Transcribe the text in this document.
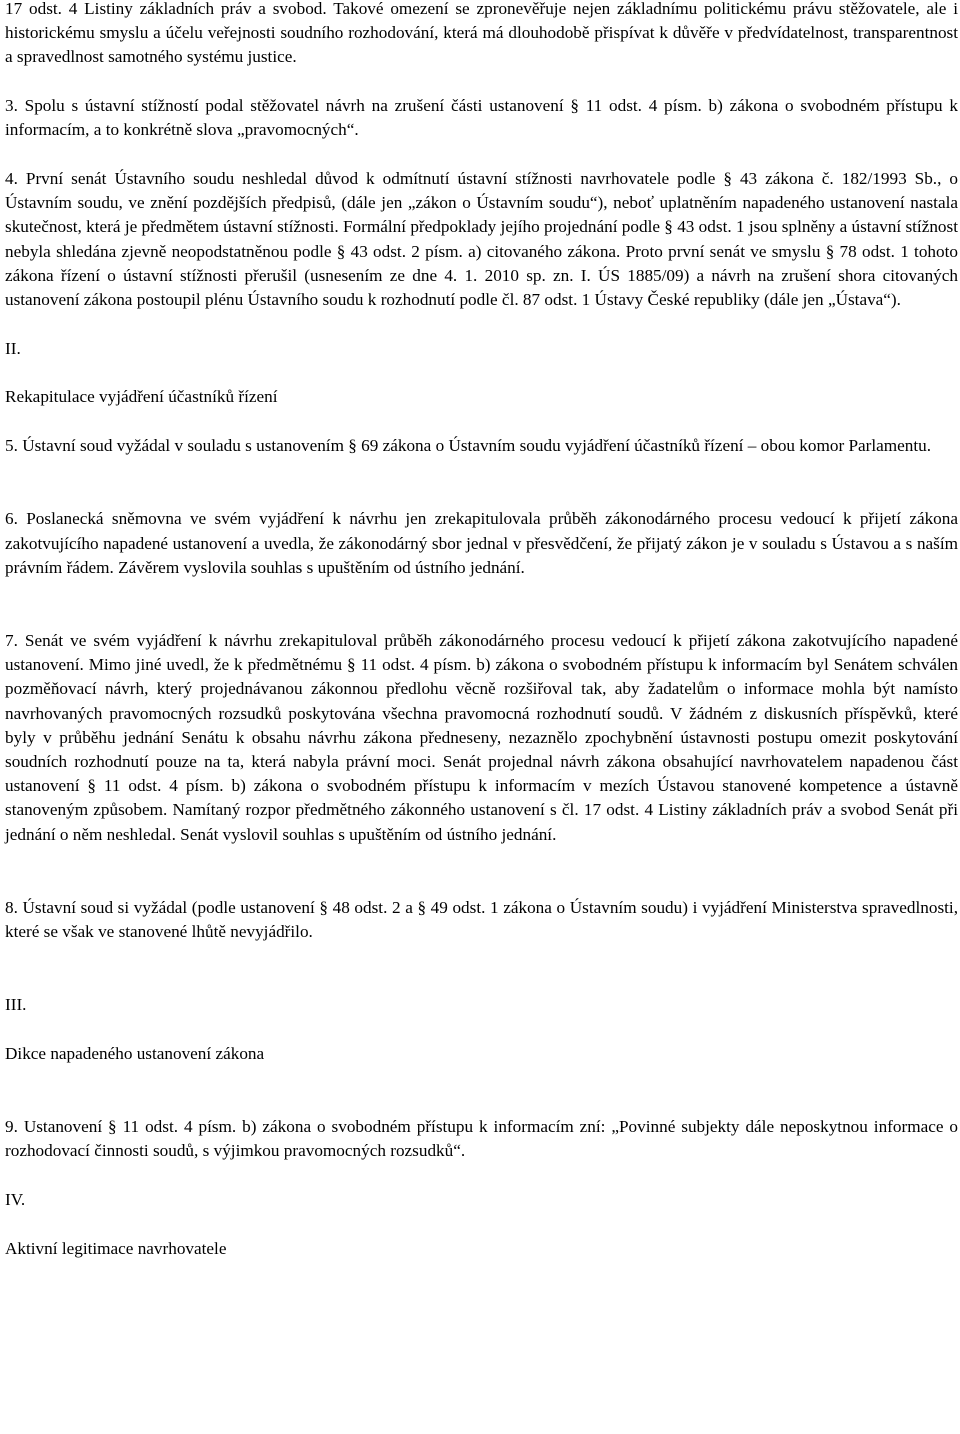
17 odst. 4 Listiny základních práv a svobod. Takové omezení se zpronevěřuje nejen základnímu politickému právu stěžovatele, ale i historickému smyslu a účelu veřejnosti soudního rozhodování, která má dlouhodobě přispívat k důvěře v předvídatelnost, transparentnost a spravedlnost samotného systému justice.

3. Spolu s ústavní stížností podal stěžovatel návrh na zrušení části ustanovení § 11 odst. 4 písm. b) zákona o svobodném přístupu k informacím, a to konkrétně slova „pravomocných“.

4. První senát Ústavního soudu neshledal důvod k odmítnutí ústavní stížnosti navrhovatele podle § 43 zákona č. 182/1993 Sb., o Ústavním soudu, ve znění pozdějších předpisů, (dále jen „zákon o Ústavním soudu“), neboť uplatněním napadeného ustanovení nastala skutečnost, která je předmětem ústavní stížnosti. Formální předpoklady jejího projednání podle § 43 odst. 1 jsou splněny a ústavní stížnost nebyla shledána zjevně neopodstatněnou podle § 43 odst. 2 písm. a) citovaného zákona. Proto první senát ve smyslu § 78 odst. 1 tohoto zákona řízení o ústavní stížnosti přerušil (usnesením ze dne 4. 1. 2010 sp. zn. I. ÚS 1885/09) a návrh na zrušení shora citovaných ustanovení zákona postoupil plénu Ústavního soudu k rozhodnutí podle čl. 87 odst. 1 Ústavy České republiky (dále jen „Ústava“).

II.

Rekapitulace vyjádření účastníků řízení

5. Ústavní soud vyžádal v souladu s ustanovením § 69 zákona o Ústavním soudu vyjádření účastníků řízení – obou komor Parlamentu.

6. Poslanecká sněmovna ve svém vyjádření k návrhu jen zrekapitulovala průběh zákonodárného procesu vedoucí k přijetí zákona zakotvujícího napadené ustanovení a uvedla, že zákonodárný sbor jednal v přesvědčení, že přijatý zákon je v souladu s Ústavou a s naším právním řádem. Závěrem vyslovila souhlas s upuštěním od ústního jednání.

7. Senát ve svém vyjádření k návrhu zrekapituloval průběh zákonodárného procesu vedoucí k přijetí zákona zakotvujícího napadené ustanovení. Mimo jiné uvedl, že k předmětnému § 11 odst. 4 písm. b) zákona o svobodném přístupu k informacím byl Senátem schválen pozměňovací návrh, který projednávanou zákonnou předlohu věcně rozšiřoval tak, aby žadatelům o informace mohla být namísto navrhovaných pravomocných rozsudků poskytována všechna pravomocná rozhodnutí soudů. V žádném z diskusních příspěvků, které byly v průběhu jednání Senátu k obsahu návrhu zákona předneseny, nezaznělo zpochybnění ústavnosti postupu omezit poskytování soudních rozhodnutí pouze na ta, která nabyla právní moci. Senát projednal návrh zákona obsahující navrhovatelem napadenou část ustanovení § 11 odst. 4 písm. b) zákona o svobodném přístupu k informacím v mezích Ústavou stanovené kompetence a ústavně stanoveným způsobem. Namítaný rozpor předmětného zákonného ustanovení s čl. 17 odst. 4 Listiny základních práv a svobod Senát při jednání o něm neshledal. Senát vyslovil souhlas s upuštěním od ústního jednání.

8. Ústavní soud si vyžádal (podle ustanovení § 48 odst. 2 a § 49 odst. 1 zákona o Ústavním soudu) i vyjádření Ministerstva spravedlnosti, které se však ve stanovené lhůtě nevyjádřilo.

III.

Dikce napadeného ustanovení zákona

9. Ustanovení § 11 odst. 4 písm. b) zákona o svobodném přístupu k informacím zní: „Povinné subjekty dále neposkytnou informace o rozhodovací činnosti soudů, s výjimkou pravomocných rozsudků“.

IV.

Aktivní legitimace navrhovatele
